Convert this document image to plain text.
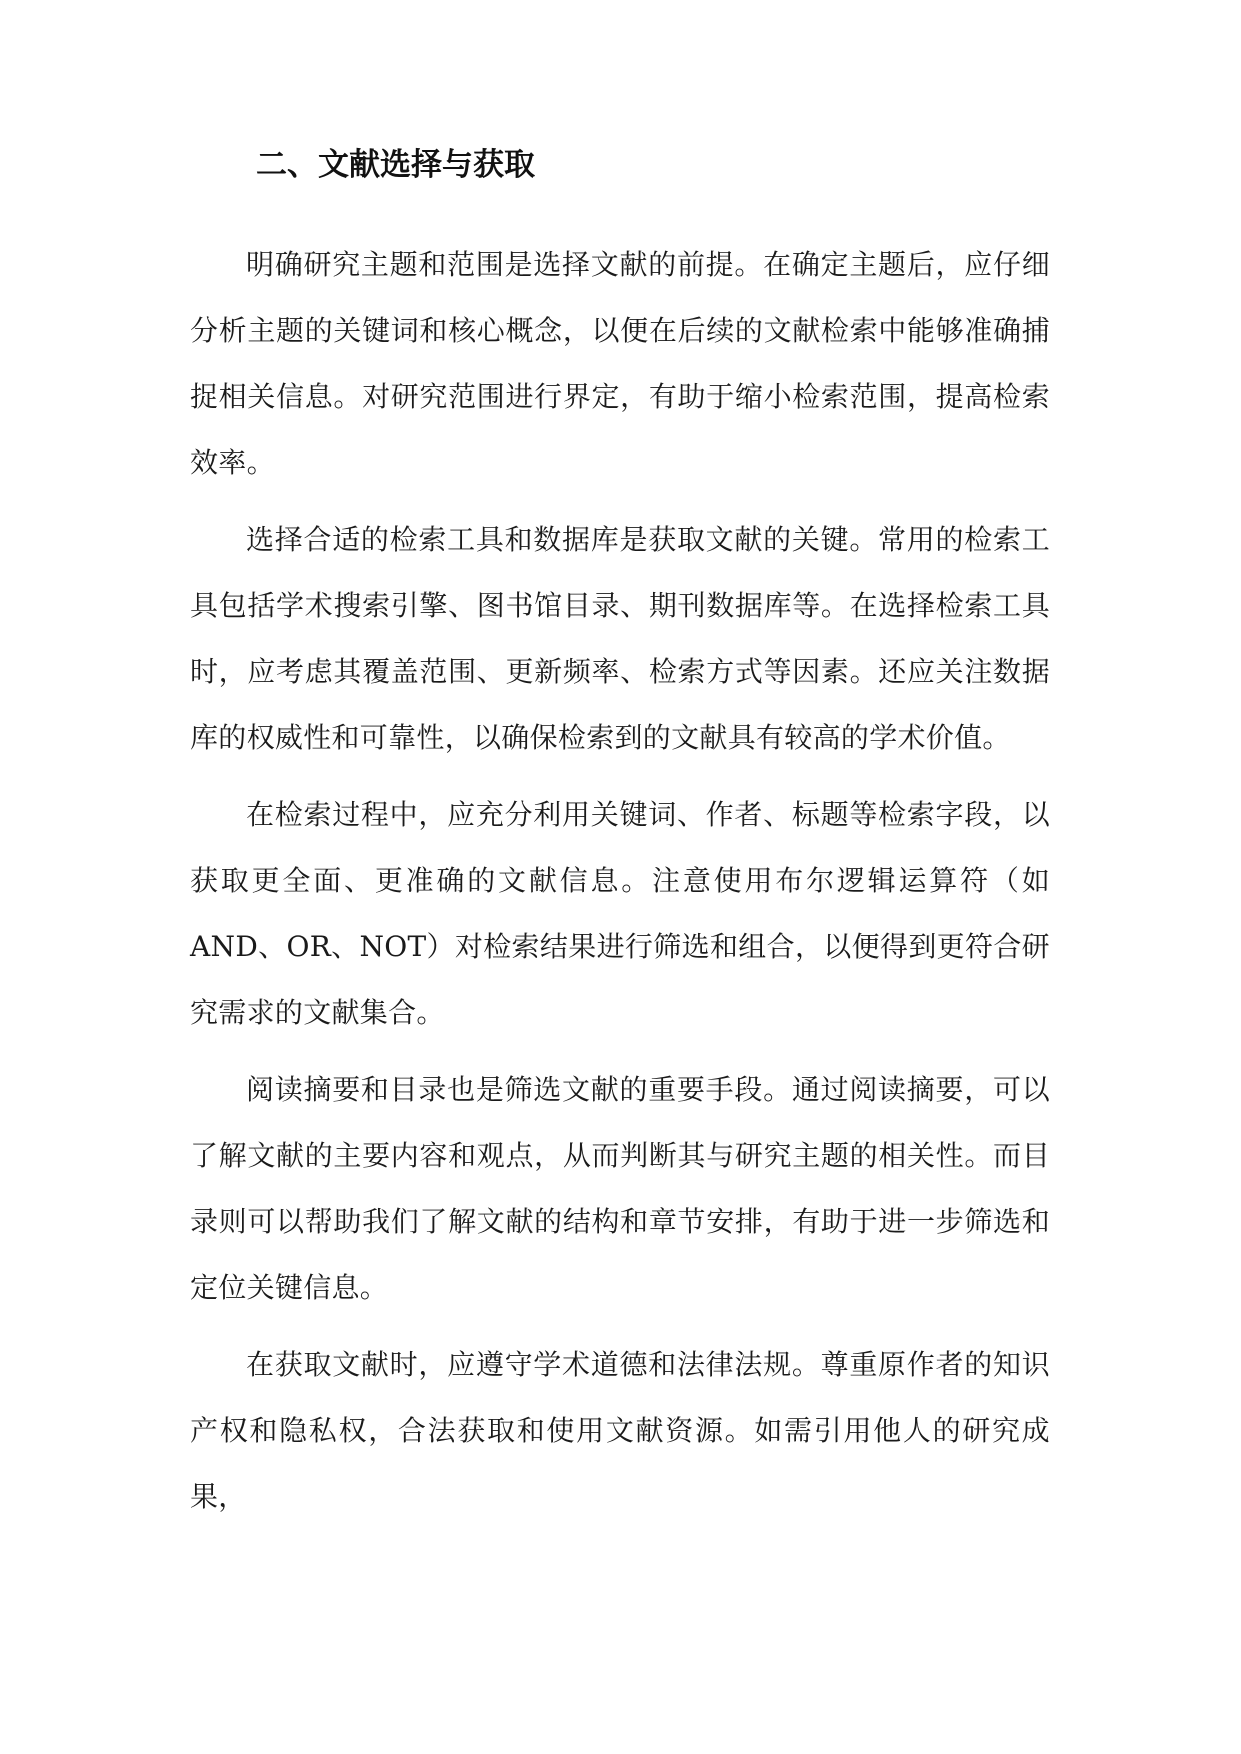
二、文献选择与获取

明确研究主题和范围是选择文献的前提。在确定主题后，应仔细分析主题的关键词和核心概念，以便在后续的文献检索中能够准确捕捉相关信息。对研究范围进行界定，有助于缩小检索范围，提高检索效率。

选择合适的检索工具和数据库是获取文献的关键。常用的检索工具包括学术搜索引擎、图书馆目录、期刊数据库等。在选择检索工具时，应考虑其覆盖范围、更新频率、检索方式等因素。还应关注数据库的权威性和可靠性，以确保检索到的文献具有较高的学术价值。

在检索过程中，应充分利用关键词、作者、标题等检索字段，以获取更全面、更准确的文献信息。注意使用布尔逻辑运算符（如 AND、OR、NOT）对检索结果进行筛选和组合，以便得到更符合研究需求的文献集合。

阅读摘要和目录也是筛选文献的重要手段。通过阅读摘要，可以了解文献的主要内容和观点，从而判断其与研究主题的相关性。而目录则可以帮助我们了解文献的结构和章节安排，有助于进一步筛选和定位关键信息。

在获取文献时，应遵守学术道德和法律法规。尊重原作者的知识产权和隐私权，合法获取和使用文献资源。如需引用他人的研究成果，
